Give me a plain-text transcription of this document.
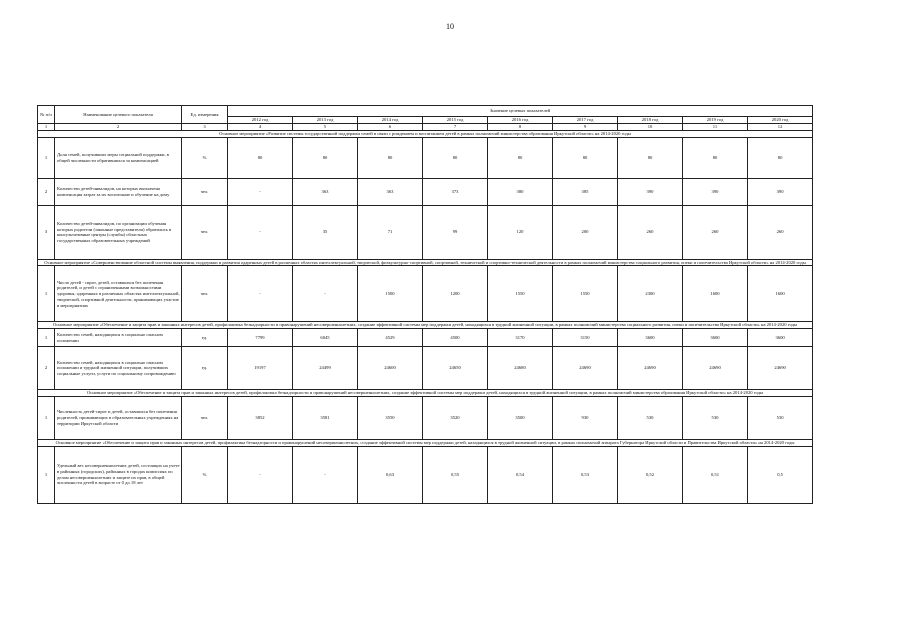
10
№ п/п	Наименование целевого показателя	Ед. измерения	Значение целевых показателей								
			2012 год	2013 год	2014 год	2015 год	2016 год	2017 год	2018 год	2019 год	2020 год
1	2	3	4	5	6	7	8	9	10	11	12
Основное мероприятие «Развитие системы государственной поддержки семей в связи с рождением и воспитанием детей в рамках полномочий министерства образования Иркутской области» на 2014-2020 годы											
1	Доля семей, получивших меры социальной поддержки, в общей численности обратившихся за компенсацией	%	80	80	80	80	80	80	80	80	80
2	Количество детей-инвалидов, на которых выплачена компенсация затрат за их воспитание и обучение на дому	чел.	-	363	363	373	380	385	390	390	390
3	Количество детей-инвалидов, по организации обучения которых родители (законные представители) обратились в консультативные центры (службы) областных государственных образовательных учреждений	чел.	-	35	71	99	120	200	260	260	260
Основное мероприятие «Совершенствование областной системы выявления, поддержки и развития одаренных детей в различных областях интеллектуальной, творческой, физкультурно-спортивной, спортивной, технической и спортивно-технической деятельности в рамках полномочий министерства социального развития, опеки и попечительства Иркутской области» на 2014-2020 годы											
1	Число детей - сирот, детей, оставшихся без попечения родителей, и детей с ограниченными возможностями здоровья, одаренных в различных областях интеллектуальной, творческой, спортивной деятельности, принимающих участие в мероприятиях	чел.	-	-	1500	1200	1550	1550	2300	1600	1600
Основное мероприятие «Обеспечение и защита прав и законных интересов детей, профилактика безнадзорности и правонарушений несовершеннолетних, создание эффективной системы мер поддержки детей, находящихся в трудной жизненной ситуации, в рамках полномочий министерства социального развития, опеки и попечительства Иркутской области» на 2014-2020 годы											
1	Количество семей, находящихся в социально опасном положении	ед.	7799	6045	4529	4500	3170	3150	3600	3600	3600
2	Количество семей, находящихся в социально опасном положении и трудной жизненной ситуации, получивших социальные услуги, услуги по социальному сопровождению	ед.	19197	24499	24600	24650	24680	24690	24690	24690	24690
Основное мероприятие «Обеспечение и защита прав и законных интересов детей, профилактика безнадзорности и правонарушений несовершеннолетних, создание эффективной системы мер поддержки детей, находящихся в трудной жизненной ситуации, в рамках полномочий министерства образования Иркутской области» на 2014-2020 годы											
1	Численность детей-сирот и детей, оставшихся без попечения родителей, проживающих в образовательных учреждениях на территории Иркутской области	чел.	3852	3581	3550	3520	3500	930	530	530	530
Основное мероприятие «Обеспечение и защита прав и законных интересов детей, профилактика безнадзорности и правонарушений несовершеннолетних, создание эффективной системы мер поддержки детей, находящихся в трудной жизненной ситуации, в рамках полномочий аппарата Губернатора Иркутской области и Правительства Иркутской области» на 2014-2020 годы											
1	Удельный вес несовершеннолетних детей, состоящих на учете в районных (городских), районных в городах комиссиях по делам несовершеннолетних и защите их прав, в общей численности детей в возрасте от 0 до 18 лет	%	-	-	0,63	0,55	0,54	0,53	0,52	0,51	0,5
